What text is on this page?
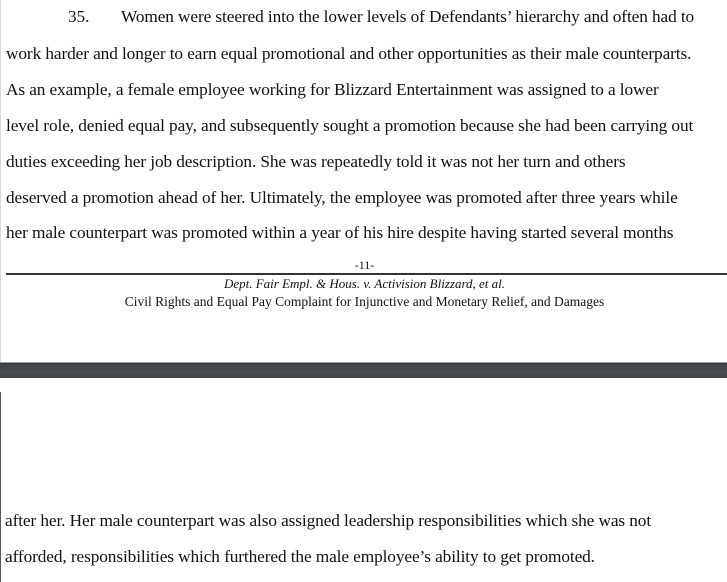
35. Women were steered into the lower levels of Defendants’ hierarchy and often had to
work harder and longer to earn equal promotional and other opportunities as their male counterparts.
As an example, a female employee working for Blizzard Entertainment was assigned to a lower
level role, denied equal pay, and subsequently sought a promotion because she had been carrying out
duties exceeding her job description. She was repeatedly told it was not her turn and others
deserved a promotion ahead of her. Ultimately, the employee was promoted after three years while
her male counterpart was promoted within a year of his hire despite having started several months
-11-
Dept. Fair Empl. & Hous. v. Activision Blizzard, et al.
Civil Rights and Equal Pay Complaint for Injunctive and Monetary Relief, and Damages
after her. Her male counterpart was also assigned leadership responsibilities which she was not
afforded, responsibilities which furthered the male employee’s ability to get promoted.
